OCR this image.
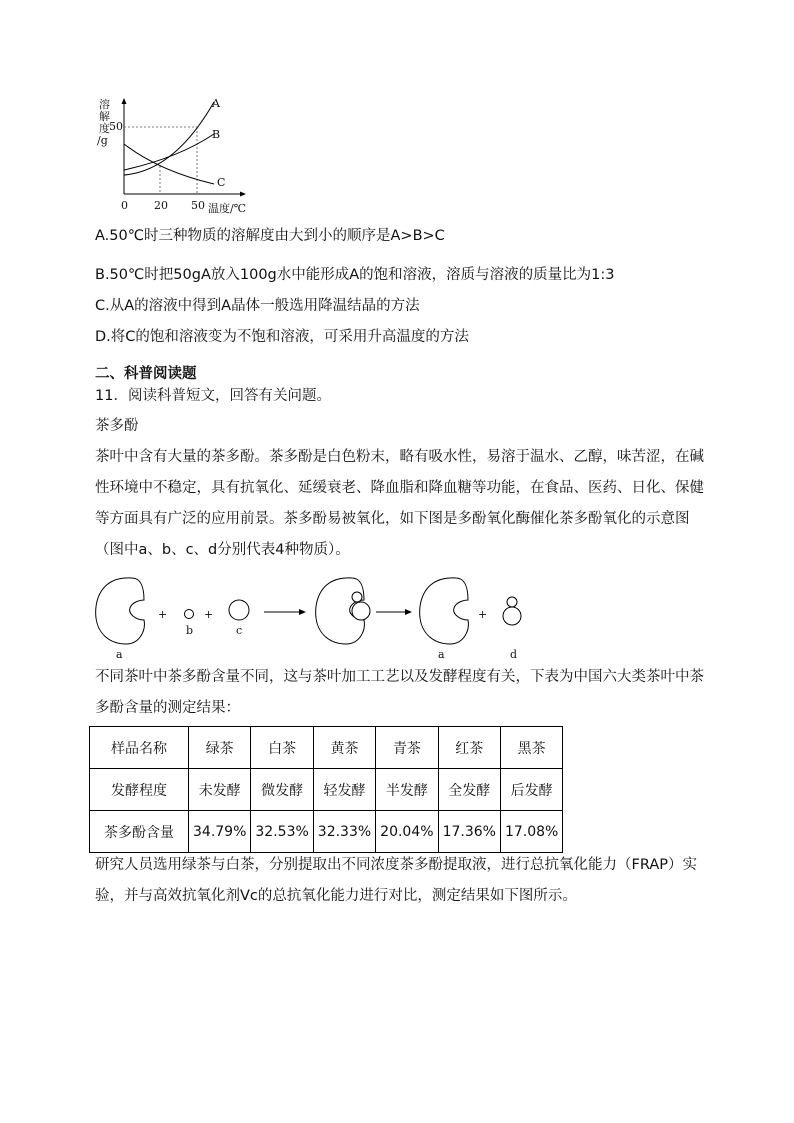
溶
解
度
/g
50
A
B
C
0 20 50 温度/℃
A.50℃时三种物质的溶解度由大到小的顺序是A>B>C
B.50℃时把50gA放入100g水中能形成A的饱和溶液，溶质与溶液的质量比为1:3
C.从A的溶液中得到A晶体一般选用降温结晶的方法
D.将C的饱和溶液变为不饱和溶液，可采用升高温度的方法
二、科普阅读题
11．阅读科普短文，回答有关问题。
茶多酚
茶叶中含有大量的茶多酚。茶多酚是白色粉末，略有吸水性，易溶于温水、乙醇，味苦涩，在碱性环境中不稳定，具有抗氧化、延缓衰老、降血脂和降血糖等功能，在食品、医药、日化、保健等方面具有广泛的应用前景。茶多酚易被氧化，如下图是多酚氧化酶催化茶多酚氧化的示意图（图中a、b、c、d分别代表4种物质）。
+	+	+
a
b	c
a	d
不同茶叶中茶多酚含量不同，这与茶叶加工工艺以及发酵程度有关，下表为中国六大类茶叶中茶多酚含量的测定结果：
样品名称	绿茶	白茶	黄茶	青茶	红茶	黑茶
发酵程度	未发酵	微发酵	轻发酵	半发酵	全发酵	后发酵
茶多酚含量	34.79%	32.53%	32.33%	20.04%	17.36%	17.08%
研究人员选用绿茶与白茶，分别提取出不同浓度茶多酚提取液，进行总抗氧化能力（FRAP）实验，并与高效抗氧化剂Vc的总抗氧化能力进行对比，测定结果如下图所示。
